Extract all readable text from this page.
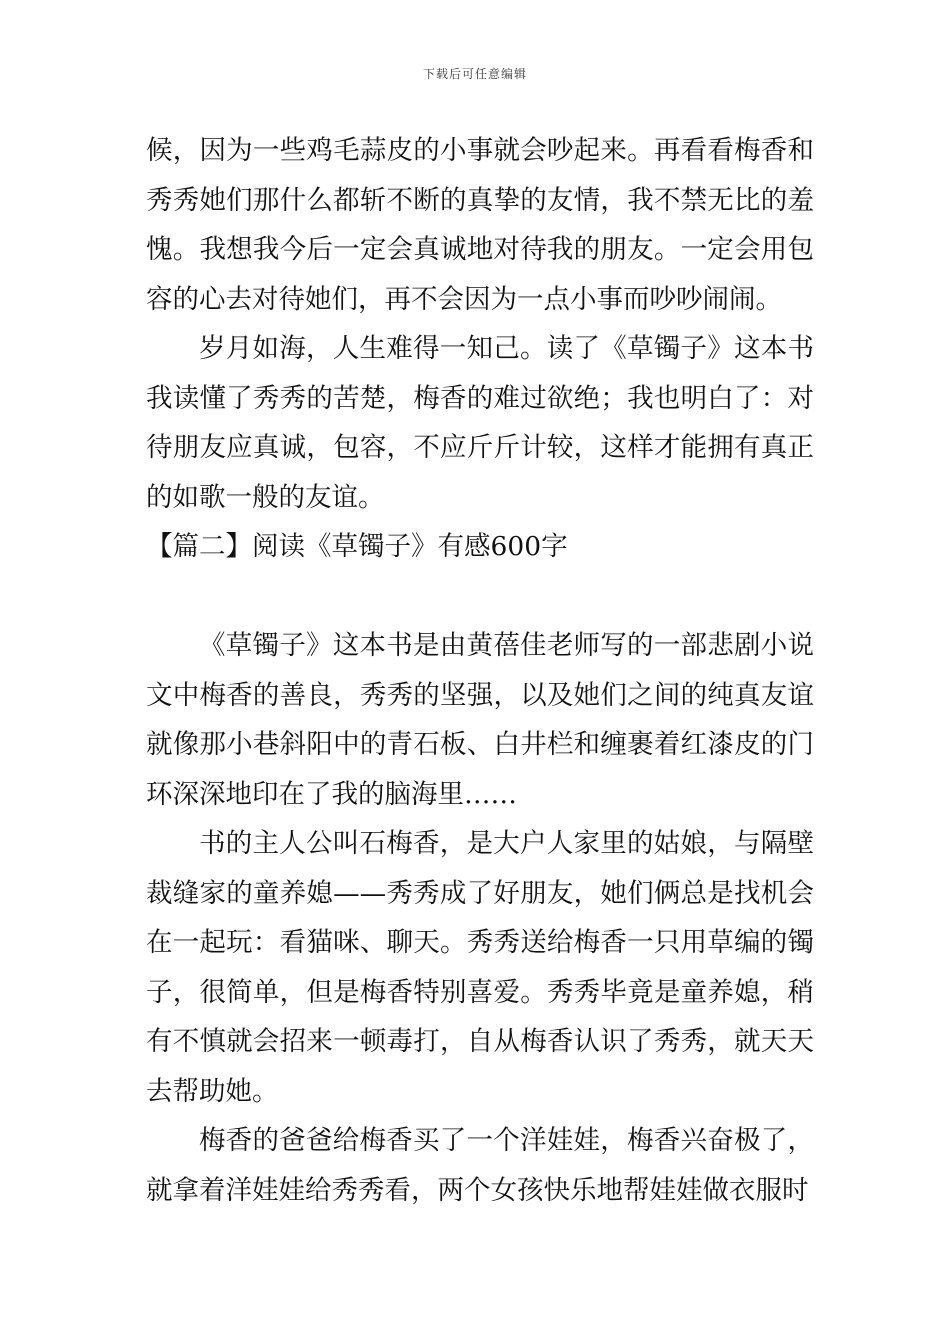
下载后可任意编辑

候，因为一些鸡毛蒜皮的小事就会吵起来。再看看梅香和秀秀她们那什么都斩不断的真挚的友情，我不禁无比的羞愧。我想我今后一定会真诚地对待我的朋友。一定会用包容的心去对待她们，再不会因为一点小事而吵吵闹闹。

岁月如海，人生难得一知己。读了《草镯子》这本书我读懂了秀秀的苦楚，梅香的难过欲绝；我也明白了：对待朋友应真诚，包容，不应斤斤计较，这样才能拥有真正的如歌一般的友谊。

【篇二】阅读《草镯子》有感600字

《草镯子》这本书是由黄蓓佳老师写的一部悲剧小说文中梅香的善良，秀秀的坚强，以及她们之间的纯真友谊就像那小巷斜阳中的青石板、白井栏和缠裹着红漆皮的门环深深地印在了我的脑海里……

书的主人公叫石梅香，是大户人家里的姑娘，与隔壁裁缝家的童养媳——秀秀成了好朋友，她们俩总是找机会在一起玩：看猫咪、聊天。秀秀送给梅香一只用草编的镯子，很简单，但是梅香特别喜爱。秀秀毕竟是童养媳，稍有不慎就会招来一顿毒打，自从梅香认识了秀秀，就天天去帮助她。

梅香的爸爸给梅香买了一个洋娃娃，梅香兴奋极了，就拿着洋娃娃给秀秀看，两个女孩快乐地帮娃娃做衣服时
